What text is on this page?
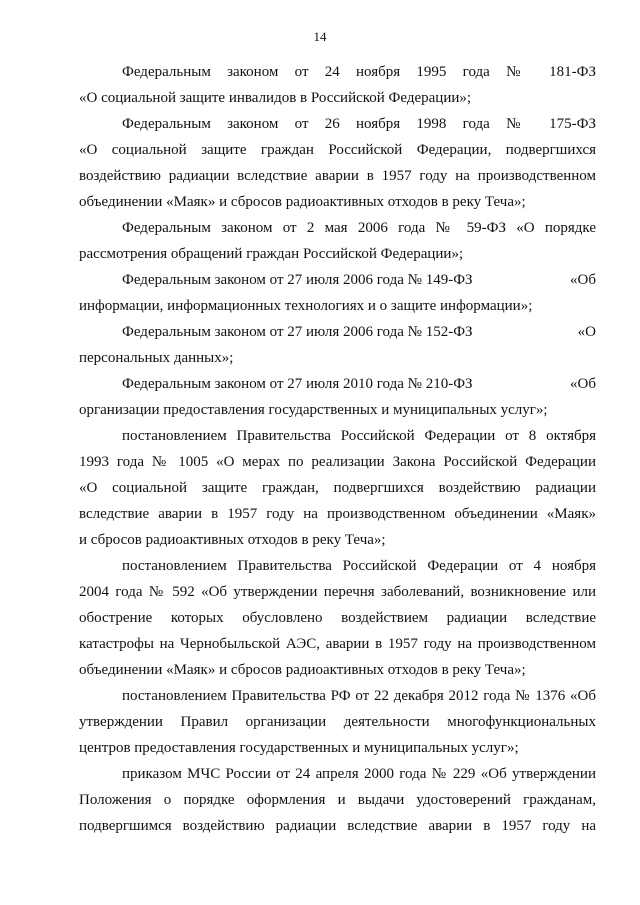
14
Федеральным законом от 24 ноября 1995 года № 181-ФЗ
«О социальной защите инвалидов в Российской Федерации»;
Федеральным законом от 26 ноября 1998 года № 175-ФЗ
«О социальной защите граждан Российской Федерации, подвергшихся
воздействию радиации вследствие аварии в 1957 году на производственном
объединении «Маяк» и сбросов радиоактивных отходов в реку Теча»;
Федеральным законом от 2 мая 2006 года № 59-ФЗ «О порядке
рассмотрения обращений граждан Российской Федерации»;
Федеральным законом от 27 июля 2006 года № 149-ФЗ	«Об
информации, информационных технологиях и о защите информации»;
Федеральным законом от 27 июля 2006 года № 152-ФЗ	«О
персональных данных»;
Федеральным законом от 27 июля 2010 года № 210-ФЗ	«Об
организации предоставления государственных и муниципальных услуг»;
постановлением Правительства Российской Федерации от 8 октября
1993 года № 1005 «О мерах по реализации Закона Российской Федерации
«О социальной защите граждан, подвергшихся воздействию радиации
вследствие аварии в 1957 году на производственном объединении «Маяк»
и сбросов радиоактивных отходов в реку Теча»;
постановлением Правительства Российской Федерации от 4 ноября
2004 года № 592 «Об утверждении перечня заболеваний, возникновение или
обострение которых обусловлено воздействием радиации вследствие
катастрофы на Чернобыльской АЭС, аварии в 1957 году на производственном
объединении «Маяк» и сбросов радиоактивных отходов в реку Теча»;
постановлением Правительства РФ от 22 декабря 2012 года № 1376 «Об
утверждении Правил организации деятельности многофункциональных
центров предоставления государственных и муниципальных услуг»;
приказом МЧС России от 24 апреля 2000 года № 229 «Об утверждении
Положения о порядке оформления и выдачи удостоверений гражданам,
подвергшимся воздействию радиации вследствие аварии в 1957 году на
